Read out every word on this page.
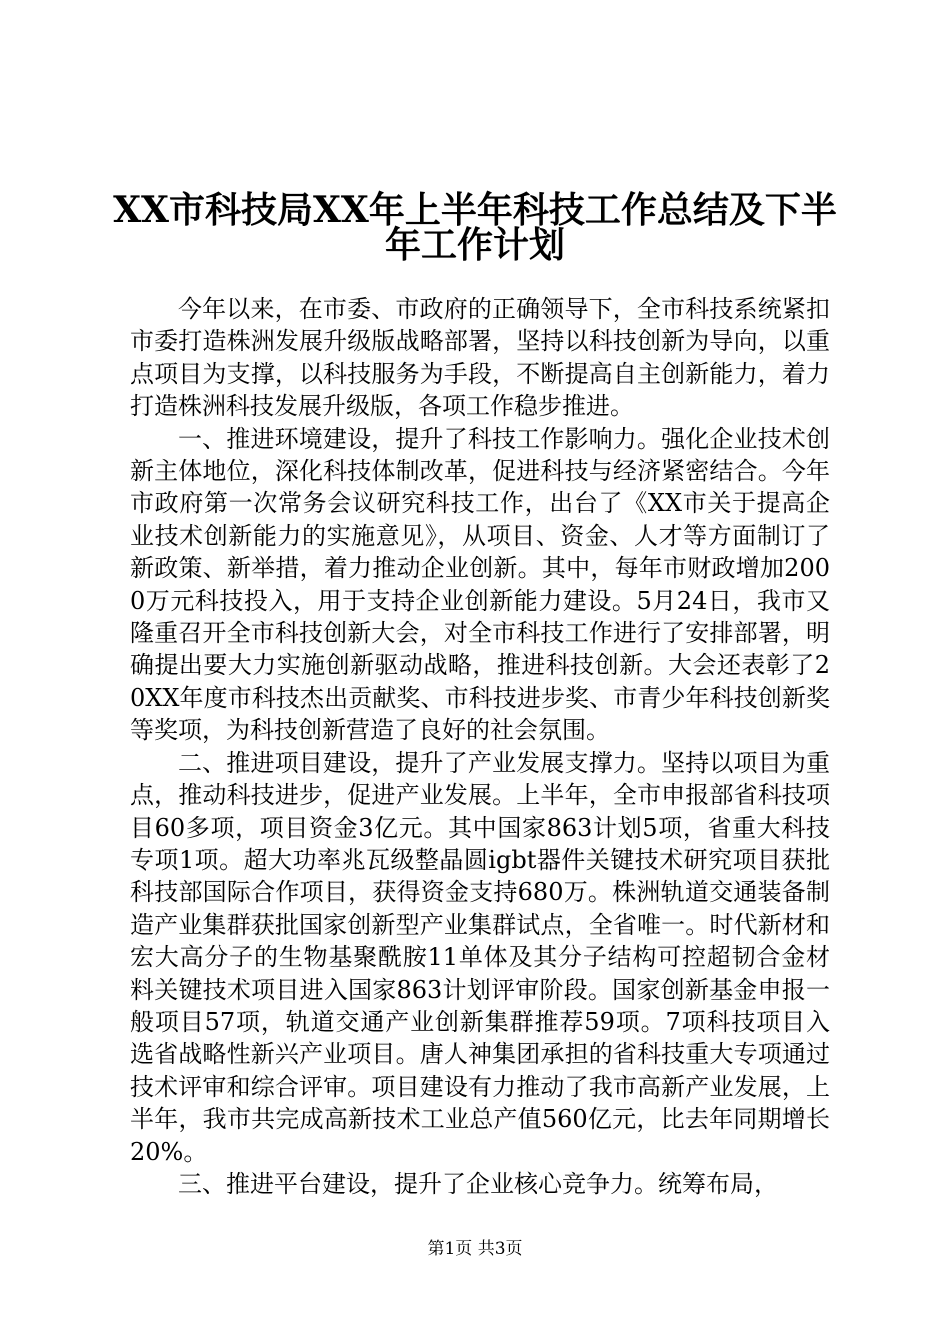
XX市科技局XX年上半年科技工作总结及下半
年工作计划

今年以来，在市委、市政府的正确领导下，全市科技系统紧扣市委打造株洲发展升级版战略部署，坚持以科技创新为导向，以重点项目为支撑，以科技服务为手段，不断提高自主创新能力，着力打造株洲科技发展升级版，各项工作稳步推进。

一、推进环境建设，提升了科技工作影响力。强化企业技术创新主体地位，深化科技体制改革，促进科技与经济紧密结合。今年市政府第一次常务会议研究科技工作，出台了《XX市关于提高企业技术创新能力的实施意见》，从项目、资金、人才等方面制订了新政策、新举措，着力推动企业创新。其中，每年市财政增加2000万元科技投入，用于支持企业创新能力建设。5月24日，我市又隆重召开全市科技创新大会，对全市科技工作进行了安排部署，明确提出要大力实施创新驱动战略，推进科技创新。大会还表彰了20XX年度市科技杰出贡献奖、市科技进步奖、市青少年科技创新奖等奖项，为科技创新营造了良好的社会氛围。

二、推进项目建设，提升了产业发展支撑力。坚持以项目为重点，推动科技进步，促进产业发展。上半年，全市申报部省科技项目60多项，项目资金3亿元。其中国家863计划5项，省重大科技专项1项。超大功率兆瓦级整晶圆igbt器件关键技术研究项目获批科技部国际合作项目，获得资金支持680万。株洲轨道交通装备制造产业集群获批国家创新型产业集群试点，全省唯一。时代新材和宏大高分子的生物基聚酰胺11单体及其分子结构可控超韧合金材料关键技术项目进入国家863计划评审阶段。国家创新基金申报一般项目57项，轨道交通产业创新集群推荐59项。7项科技项目入选省战略性新兴产业项目。唐人神集团承担的省科技重大专项通过技术评审和综合评审。项目建设有力推动了我市高新产业发展，上半年，我市共完成高新技术工业总产值560亿元，比去年同期增长20%。

三、推进平台建设，提升了企业核心竞争力。统筹布局，

第1页 共3页
